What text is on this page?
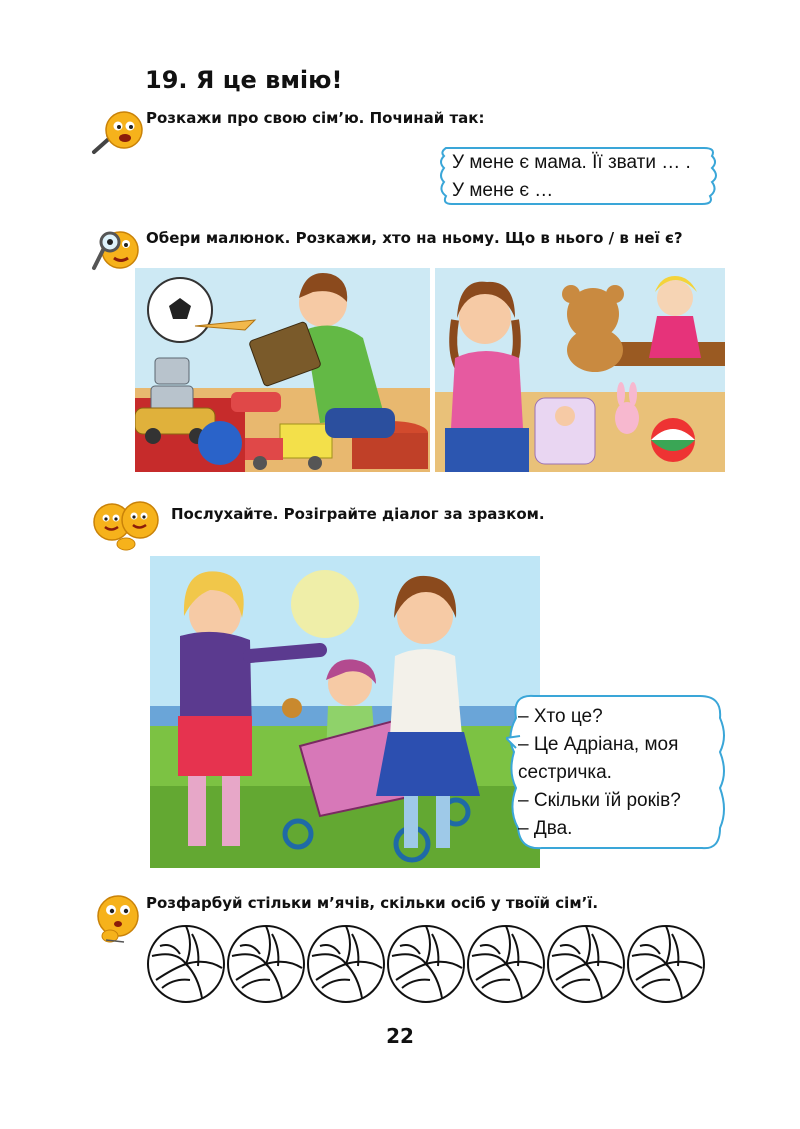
19. Я це вмію!
Розкажи про свою сім’ю. Починай так:
У мене є мама. Її звати … .
У мене є …
Обери малюнок. Розкажи, хто на ньому. Що в нього / в неї є?
Послухайте. Розіграйте діалог за зразком.
– Хто це?
– Це Адріана, моя
сестричка.
– Скільки їй років?
– Два.
Розфарбуй стільки м’ячів, скільки осіб у твоїй сім’ї.
22
